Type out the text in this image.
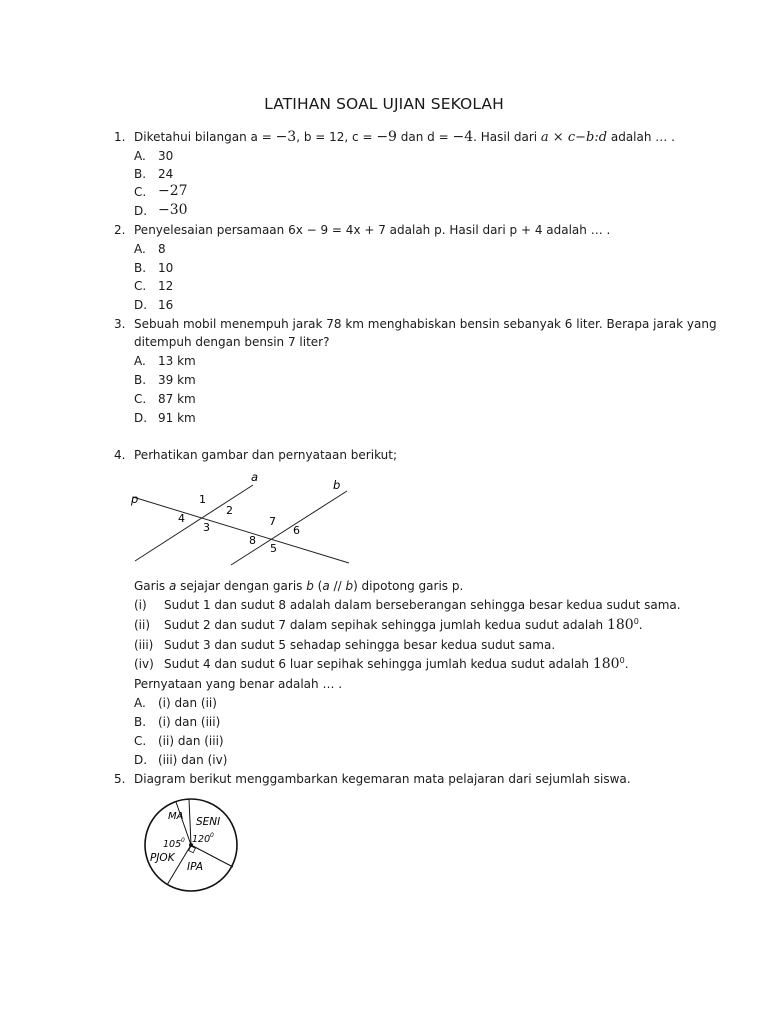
LATIHAN SOAL UJIAN SEKOLAH
1. Diketahui bilangan a = −3, b = 12, c = −9 dan d = −4. Hasil dari a × c−b:d adalah … .
A. 30
B. 24
C. −27
D. −30
2. Penyelesaian persamaan 6x − 9 = 4x + 7 adalah p. Hasil dari p + 4 adalah … .
A. 8
B. 10
C. 12
D. 16
3. Sebuah mobil menempuh jarak 78 km menghabiskan bensin sebanyak 6 liter. Berapa jarak yang
ditempuh dengan bensin 7 liter?
A. 13 km
B. 39 km
C. 87 km
D. 91 km
4. Perhatikan gambar dan pernyataan berikut;
a
b
p	1
2
4
3	7
6
8
5
Garis a sejajar dengan garis b (a // b) dipotong garis p.
(i) Sudut 1 dan sudut 8 adalah dalam berseberangan sehingga besar kedua sudut sama.
(ii) Sudut 2 dan sudut 7 dalam sepihak sehingga jumlah kedua sudut adalah $180^0$.
(iii) Sudut 3 dan sudut 5 sehadap sehingga besar kedua sudut sama.
(iv) Sudut 4 dan sudut 6 luar sepihak sehingga jumlah kedua sudut adalah $180^0$.
Pernyataan yang benar adalah … .
A. (i) dan (ii)
B. (i) dan (iii)
C. (ii) dan (iii)
D. (iii) dan (iv)
5. Diagram berikut menggambarkan kegemaran mata pelajaran dari sejumlah siswa.
MA SENI
120 0
105 0
PJOK
IPA
